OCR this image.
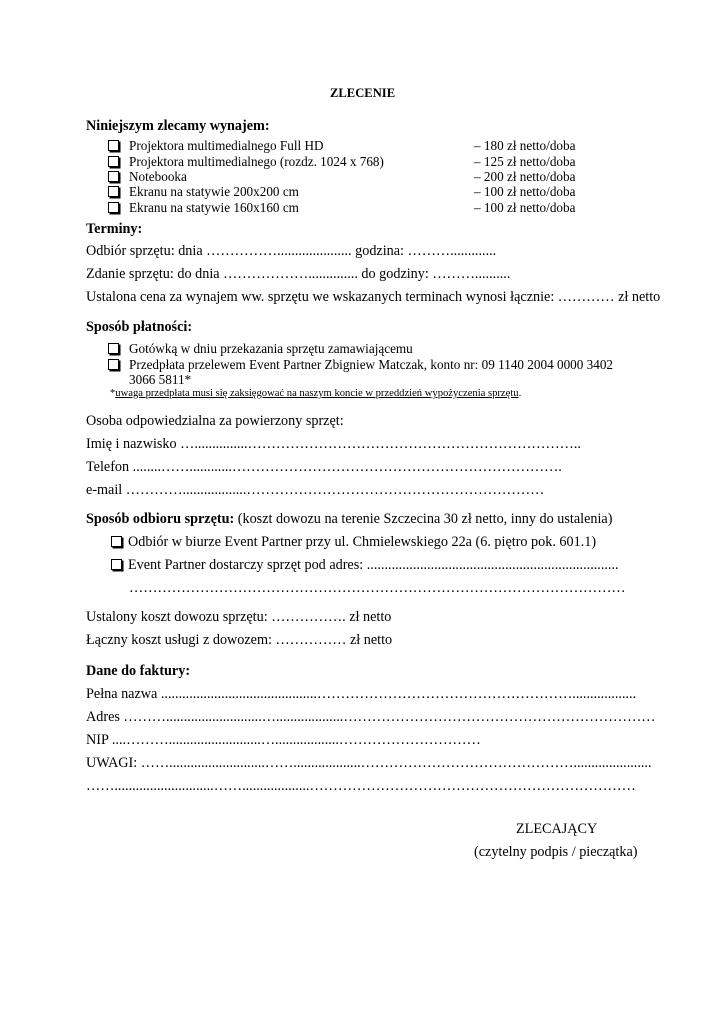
ZLECENIE
Niniejszym zlecamy wynajem:
Projektora multimedialnego Full HD	– 180 zł netto/doba
Projektora multimedialnego (rozdz. 1024 x 768)	– 125 zł netto/doba
Notebooka	– 200 zł netto/doba
Ekranu na statywie 200x200 cm	– 100 zł netto/doba
Ekranu na statywie 160x160 cm	– 100 zł netto/doba
Terminy:
Odbiór sprzętu: dnia ……………..................... godzina: ……….............
Zdanie sprzętu: do dnia ……………….............. do godziny: ………..........
Ustalona cena za wynajem ww. sprzętu we wskazanych terminach wynosi łącznie: ………… zł netto
Sposób płatności:
Gotówką w dniu przekazania sprzętu zamawiającemu
Przedpłata przelewem Event Partner Zbigniew Matczak, konto nr: 09 1140 2004 0000 3402
3066 5811*
*uwaga przedpłata musi się zaksięgować na naszym koncie w przeddzień wypożyczenia sprzętu.
Osoba odpowiedzialna za powierzony sprzęt:
Imię i nazwisko …...............……………………………………………………………..
Telefon ........……............…………………………………………………………….
e-mail …………..................………………………………………………………
Sposób odbioru sprzętu: (koszt dowozu na terenie Szczecina 30 zł netto, inny do ustalenia)
Odbiór w biurze Event Partner przy ul. Chmielewskiego 22a (6. piętro pok. 601.1)
Event Partner dostarczy sprzęt pod adres: .......................................................................
……………………………………………………………………………………………
Ustalony koszt dowozu sprzętu: ……………. zł netto
Łączny koszt usługi z dowozem: …………… zł netto
Dane do faktury:
Pełna nazwa ............................................………………………………………………..................
Adres ………...........................…...................…………………………………………………………
NIP ....………..........................…..................…………………………
UWAGI: ……...........................……...................………………………………………......................
……............................……...................……………………………………………………………
ZLECAJĄCY
(czytelny podpis / pieczątka)
